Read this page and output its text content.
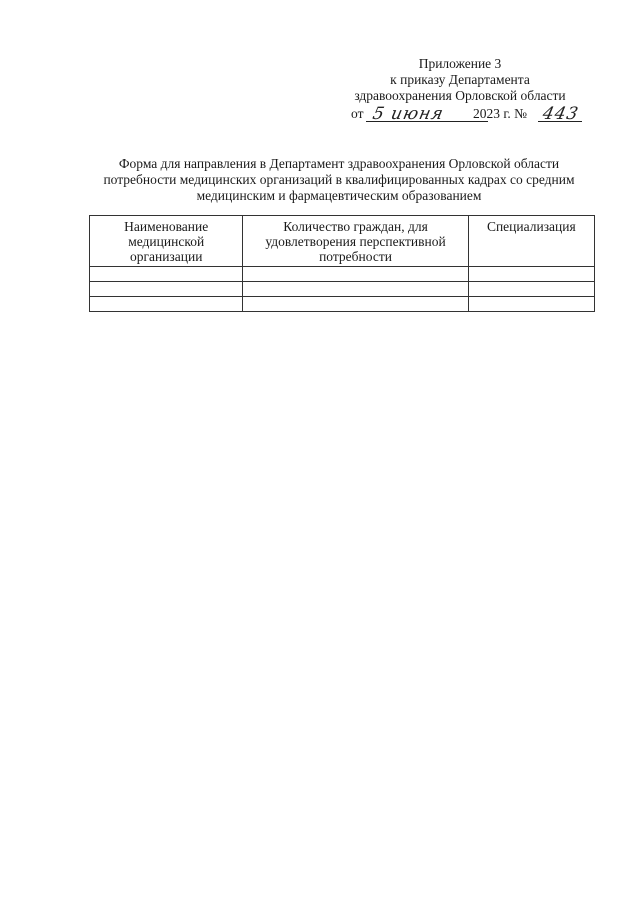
Приложение 3
к приказу Департамента
здравоохранения Орловской области
от 5 июня 2023 г. № 443
Форма для направления в Департамент здравоохранения Орловской области
потребности медицинских организаций в квалифицированных кадрах со средним
медицинским и фармацевтическим образованием
Наименование медицинской организации	Количество граждан, для удовлетворения перспективной потребности	Специализация
